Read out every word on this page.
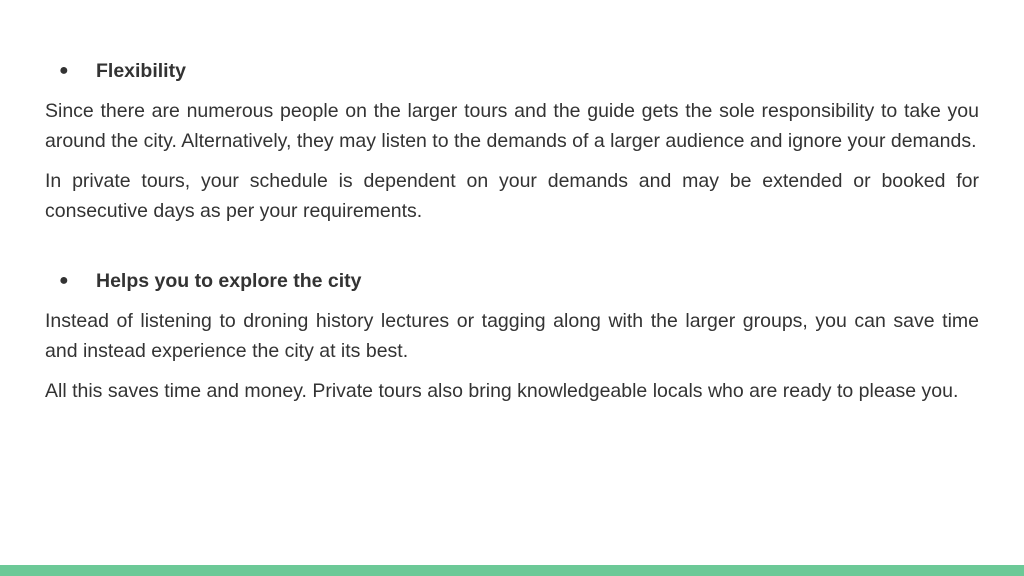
●	Flexibility

Since there are numerous people on the larger tours and the guide gets the sole responsibility to take you around the city. Alternatively, they may listen to the demands of a larger audience and ignore your demands.

In private tours, your schedule is dependent on your demands and may be extended or booked for consecutive days as per your requirements.

●	Helps you to explore the city

Instead of listening to droning history lectures or tagging along with the larger groups, you can save time and instead experience the city at its best.

All this saves time and money. Private tours also bring knowledgeable locals who are ready to please you.
